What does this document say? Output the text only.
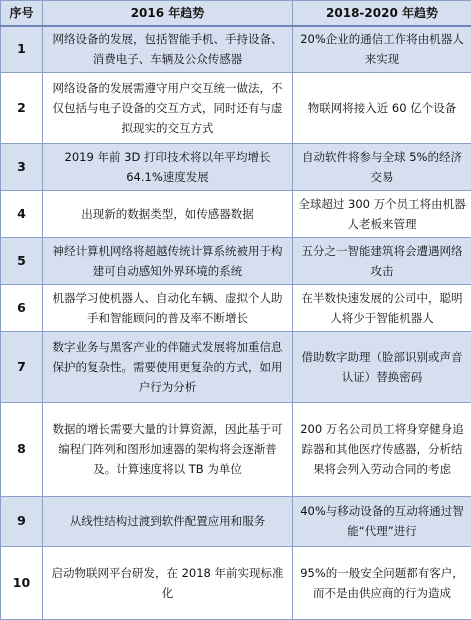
序号	2016 年趋势	2018-2020 年趋势
1	网络设备的发展，包括智能手机、手持设备、消费电子、车辆及公众传感器	20%企业的通信工作将由机器人来实现
2	网络设备的发展需遵守用户交互统一做法，不仅包括与电子设备的交互方式，同时还有与虚拟现实的交互方式	物联网将接入近 60 亿个设备
3	2019 年前 3D 打印技术将以年平均增长 64.1%速度发展	自动软件将参与全球 5%的经济交易
4	出现新的数据类型，如传感器数据	全球超过 300 万个员工将由机器人老板来管理
5	神经计算机网络将超越传统计算系统被用于构建可自动感知外界环境的系统	五分之一智能建筑将会遭遇网络攻击
6	机器学习使机器人、自动化车辆、虚拟个人助手和智能顾问的普及率不断增长	在半数快速发展的公司中，聪明人将少于智能机器人
7	数字业务与黑客产业的伴随式发展将加重信息保护的复杂性。需要使用更复杂的方式，如用户行为分析	借助数字助理（脸部识别或声音认证）替换密码
8	数据的增长需要大量的计算资源，因此基于可编程门阵列和图形加速器的架构将会逐渐普及。计算速度将以 TB 为单位	200 万名公司员工将身穿健身追踪器和其他医疗传感器，分析结果将会列入劳动合同的考虑
9	从线性结构过渡到软件配置应用和服务	40%与移动设备的互动将通过智能“代理”进行
10	启动物联网平台研发，在 2018 年前实现标准化	95%的一般安全问题都有客户，而不是由供应商的行为造成
